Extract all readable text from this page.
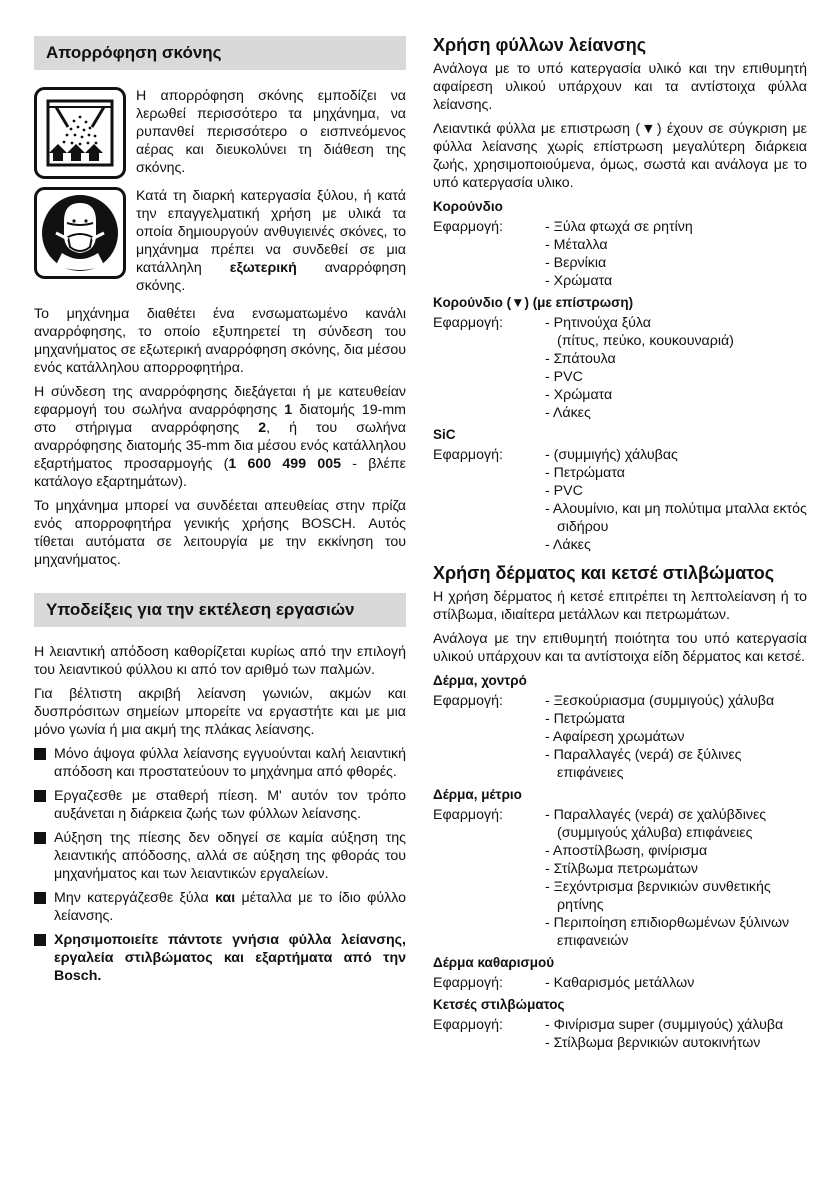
Απορρόφηση σκόνης

Η απορρόφηση σκόνης εμποδίζει να λερωθεί περισσότερο τα μηχάνημα, να ρυπανθεί περισσότερο ο εισπνεόμενος αέρας και διευκολύνει τη διάθεση της σκόνης.

Κατά τη διαρκή κατεργασία ξύλου, ή κατά την επαγγελματική χρήση με υλικά τα οποία δημιουργούν ανθυγιεινές σκόνες, το μηχάνημα πρέπει να συνδεθεί σε μια κατάλληλη εξωτερική αναρρόφηση σκόνης.

Το μηχάνημα διαθέτει ένα ενσωματωμένο κανάλι αναρρόφησης, το οποίο εξυπηρετεί τη σύνδεση του μηχανήματος σε εξωτερική αναρρόφηση σκόνης, δια μέσου ενός κατάλληλου απορροφητήρα.

Η σύνδεση της αναρρόφησης διεξάγεται ή με κατευθείαν εφαρμογή του σωλήνα αναρρόφησης 1 διατομής 19-mm στο στήριγμα αναρρόφησης 2, ή του σωλήνα αναρρόφησης διατομής 35-mm δια μέσου ενός κατάλληλου εξαρτήματος προσαρμογής (1 600 499 005 - βλέπε κατάλογο εξαρτημάτων).

Το μηχάνημα μπορεί να συνδέεται απευθείας στην πρίζα ενός απορροφητήρα γενικής χρήσης BOSCH. Αυτός τίθεται αυτόματα σε λειτουργία με την εκκίνηση του μηχανήματος.

Υποδείξεις για την εκτέλεση εργασιών

Η λειαντική απόδοση καθορίζεται κυρίως από την επιλογή του λειαντικού φύλλου κι από τον αριθμό των παλμών.

Για βέλτιστη ακριβή λείανση γωνιών, ακμών και δυσπρόσιτων σημείων μπορείτε να εργαστήτε και με μια μόνο γωνία ή μια ακμή της πλάκας λείανσης.

Μόνο άψογα φύλλα λείανσης εγγυούνται καλή λειαντική απόδοση και προστατεύουν το μηχάνημα από φθορές.
Εργαζεσθε με σταθερή πίεση. Μ' αυτόν τον τρόπο αυξάνεται η διάρκεια ζωής των φύλλων λείανσης.
Αύξηση της πίεσης δεν οδηγεί σε καμία αύξηση της λειαντικής απόδοσης, αλλά σε αύξηση της φθοράς του μηχανήματος και των λειαντικών εργαλείων.
Μην κατεργάζεσθε ξύλα και μέταλλα με το ίδιο φύλλο λείανσης.
Χρησιμοποιείτε πάντοτε γνήσια φύλλα λείανσης, εργαλεία στιλβώματος και εξαρτήματα από την Bosch.
Χρήση φύλλων λείανσης

Ανάλογα με το υπό κατεργασία υλικό και την επιθυμητή αφαίρεση υλικού υπάρχουν και τα αντίστοιχα φύλλα λείανσης.

Λειαντικά φύλλα με επιστρωση (▼) έχουν σε σύγκριση με φύλλα λείανσης χωρίς επίστρωση μεγαλύτερη διάρκεια ζωής, χρησιμοποιούμενα, όμως, σωστά και ανάλογα με το υπό κατεργασία υλικο.

Κορούνδιο
Εφαρμογή:	- Ξύλα φτωχά σε ρητίνη
- Μέταλλα
- Βερνίκια
- Χρώματα
Κορούνδιο (▼) (με επίστρωση)
Εφαρμογή:	- Ρητινούχα ξύλα
(πίτυς, πεύκο, κουκουναριά)
- Σπάτουλα
- PVC
- Χρώματα
- Λάκες
SiC
Εφαρμογή:	- (συμμιγής) χάλυβας
- Πετρώματα
- PVC
- Αλουμίνιο, και μη πολύτιμα μταλλα εκτός σιδήρου
- Λάκες
Χρήση δέρματος και κετσέ στιλβώματος

Η χρήση δέρματος ή κετσέ επιτρέπει τη λεπτολείανση ή το στίλβωμα, ιδιαίτερα μετάλλων και πετρωμάτων.

Ανάλογα με την επιθυμητή ποιότητα του υπό κατεργασία υλικού υπάρχουν και τα αντίστοιχα είδη δέρματος και κετσέ.

Δέρμα, χοντρό
Εφαρμογή:	- Ξεσκούριασμα (συμμιγούς) χάλυβα
- Πετρώματα
- Αφαίρεση χρωμάτων
- Παραλλαγές (νερά) σε ξύλινες επιφάνειες
Δέρμα, μέτριο
Εφαρμογή:	- Παραλλαγές (νερά) σε χαλύβδινες
(συμμιγούς χάλυβα) επιφάνειες
- Αποστίλβωση, φινίρισμα
- Στίλβωμα πετρωμάτων
- Ξεχόντρισμα βερνικιών συνθετικής ρητίνης
- Περιποίηση επιδιορθωμένων ξύλινων επιφανειών
Δέρμα καθαρισμού
Εφαρμογή:	- Καθαρισμός μετάλλων
Κετσές στιλβώματος
Εφαρμογή:	- Φινίρισμα super (συμμιγούς) χάλυβα
- Στίλβωμα βερνικιών αυτοκινήτων
